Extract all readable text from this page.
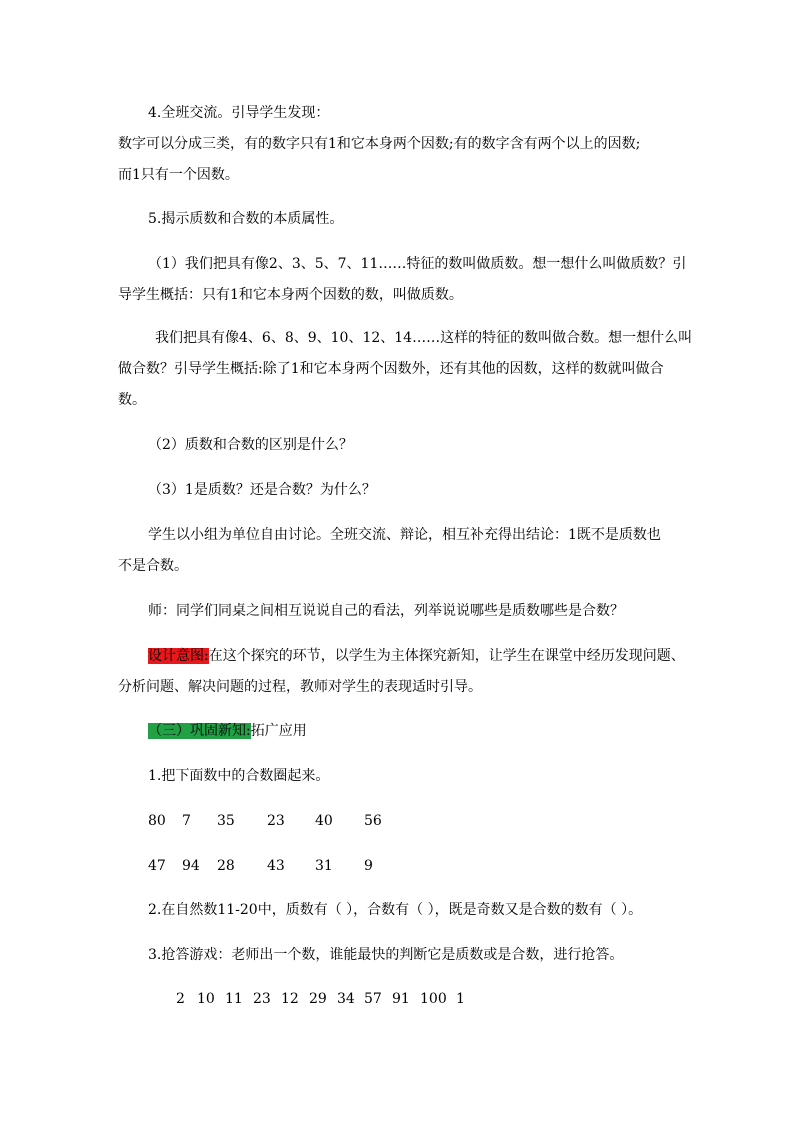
4.全班交流。引导学生发现：
数字可以分成三类，有的数字只有1和它本身两个因数;有的数字含有两个以上的因数;
而1只有一个因数。
5.揭示质数和合数的本质属性。
（1）我们把具有像2、3、5、7、11……特征的数叫做质数。想一想什么叫做质数？引
导学生概括：只有1和它本身两个因数的数，叫做质数。
我们把具有像4、6、8、9、10、12、14……这样的特征的数叫做合数。想一想什么叫
做合数？引导学生概括:除了1和它本身两个因数外，还有其他的因数，这样的数就叫做合
数。
（2）质数和合数的区别是什么？
（3）1是质数？还是合数？为什么？
学生以小组为单位自由讨论。全班交流、辩论，相互补充得出结论：1既不是质数也
不是合数。
师：同学们同桌之间相互说说自己的看法，列举说说哪些是质数哪些是合数？
设计意图:在这个探究的环节，以学生为主体探究新知，让学生在课堂中经历发现问题、
分析问题、解决问题的过程，教师对学生的表现适时引导。
（三）巩固新知:拓广应用
1.把下面数中的合数圈起来。
80 7 35 23 40 56
47 94 28 43 31 9
2.在自然数11-20中，质数有（ ），合数有（ ），既是奇数又是合数的数有（ ）。
3.抢答游戏：老师出一个数，谁能最快的判断它是质数或是合数，进行抢答。
2 10 11 23 12 29 34 57 91 100 1
